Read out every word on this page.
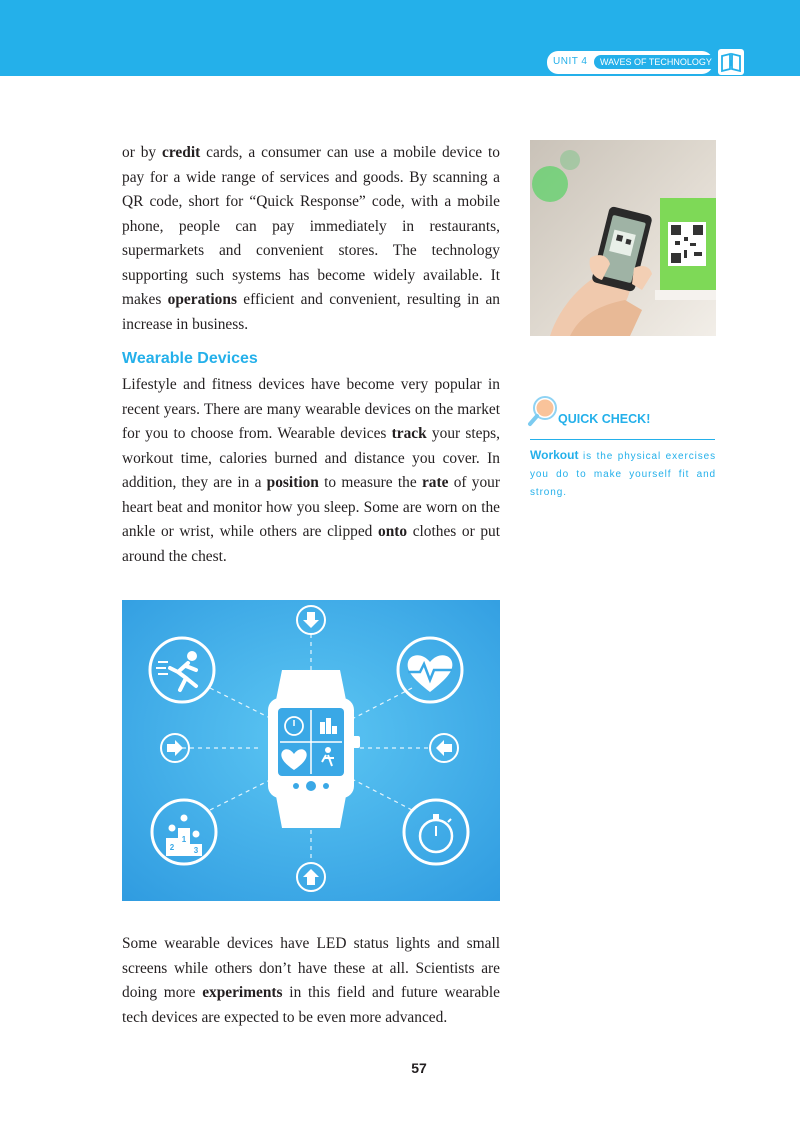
UNIT 4	WAVES OF TECHNOLOGY

or by credit cards, a consumer can use a mobile device to pay for a wide range of services and goods. By scanning a QR code, short for “Quick Response” code, with a mobile phone, people can pay immediately in restaurants, supermarkets and convenient stores. The technology supporting such systems has become widely available. It makes operations efficient and convenient, resulting in an increase in business.

Wearable Devices

Lifestyle and fitness devices have become very popular in recent years. There are many wearable devices on the market for you to choose from. Wearable devices track your steps, workout time, calories burned and distance you cover. In addition, they are in a position to measure the rate of your heart beat and monitor how you sleep. Some are worn on the ankle or wrist, while others are clipped onto clothes or put around the chest.

QUICK CHECK!

Workout is the physical exercises you do to make yourself fit and strong.

1
2 3

Some wearable devices have LED status lights and small screens while others don’t have these at all. Scientists are doing more experiments in this field and future wearable tech devices are expected to be even more advanced.

57
